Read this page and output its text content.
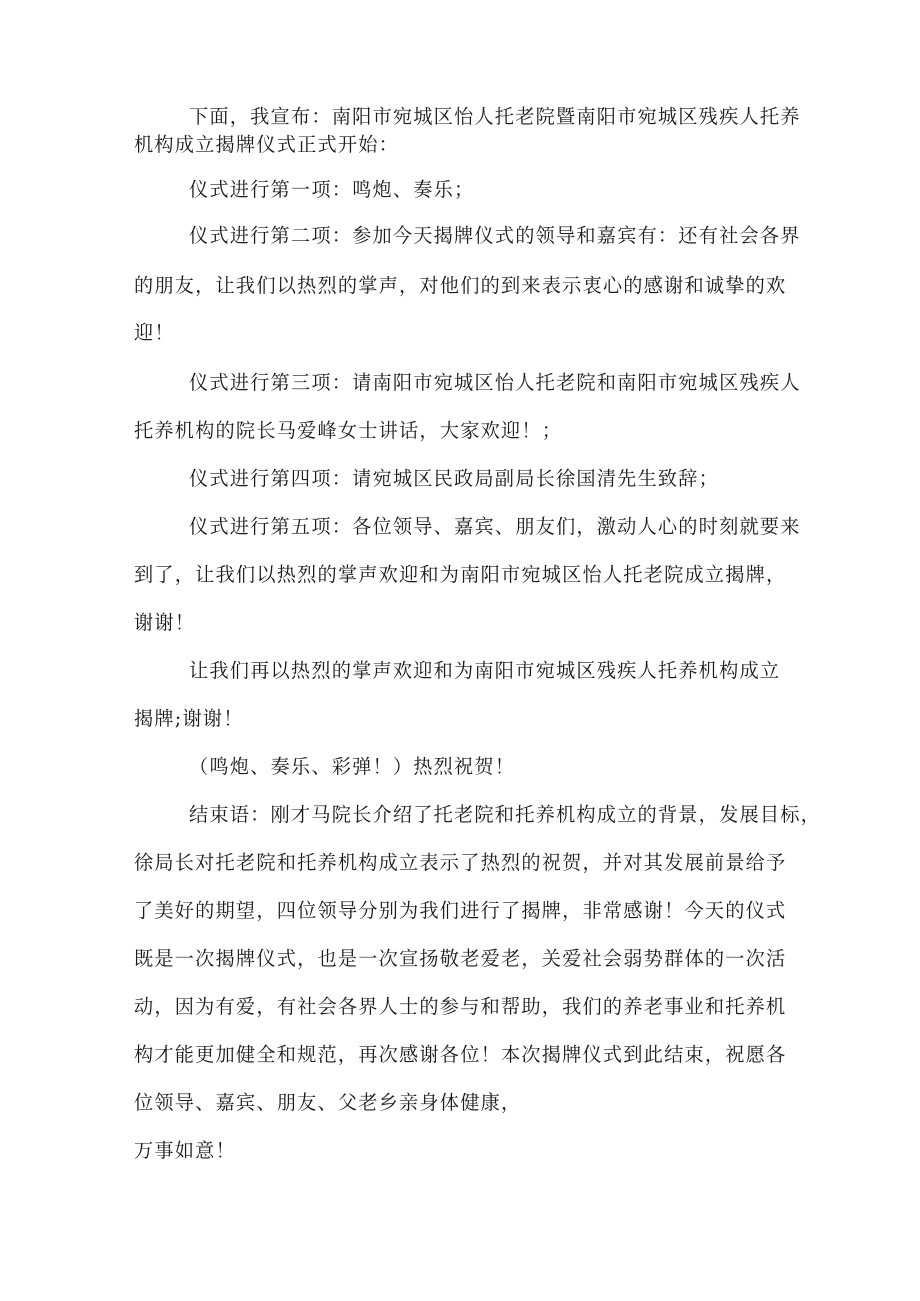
下面，我宣布：南阳市宛城区怡人托老院暨南阳市宛城区残疾人托养

机构成立揭牌仪式正式开始：

仪式进行第一项：鸣炮、奏乐；

仪式进行第二项：参加今天揭牌仪式的领导和嘉宾有：还有社会各界

的朋友，让我们以热烈的掌声，对他们的到来表示衷心的感谢和诚挚的欢

迎！

仪式进行第三项：请南阳市宛城区怡人托老院和南阳市宛城区残疾人

托养机构的院长马爱峰女士讲话，大家欢迎！；

仪式进行第四项：请宛城区民政局副局长徐国清先生致辞；

仪式进行第五项：各位领导、嘉宾、朋友们，激动人心的时刻就要来

到了，让我们以热烈的掌声欢迎和为南阳市宛城区怡人托老院成立揭牌，

谢谢！

让我们再以热烈的掌声欢迎和为南阳市宛城区残疾人托养机构成立

揭牌;谢谢！

（鸣炮、奏乐、彩弹！）热烈祝贺！

结束语：刚才马院长介绍了托老院和托养机构成立的背景，发展目标，

徐局长对托老院和托养机构成立表示了热烈的祝贺，并对其发展前景给予

了美好的期望，四位领导分别为我们进行了揭牌，非常感谢！今天的仪式

既是一次揭牌仪式，也是一次宣扬敬老爱老，关爱社会弱势群体的一次活

动，因为有爱，有社会各界人士的参与和帮助，我们的养老事业和托养机

构才能更加健全和规范，再次感谢各位！本次揭牌仪式到此结束，祝愿各

位领导、嘉宾、朋友、父老乡亲身体健康，

万事如意！
